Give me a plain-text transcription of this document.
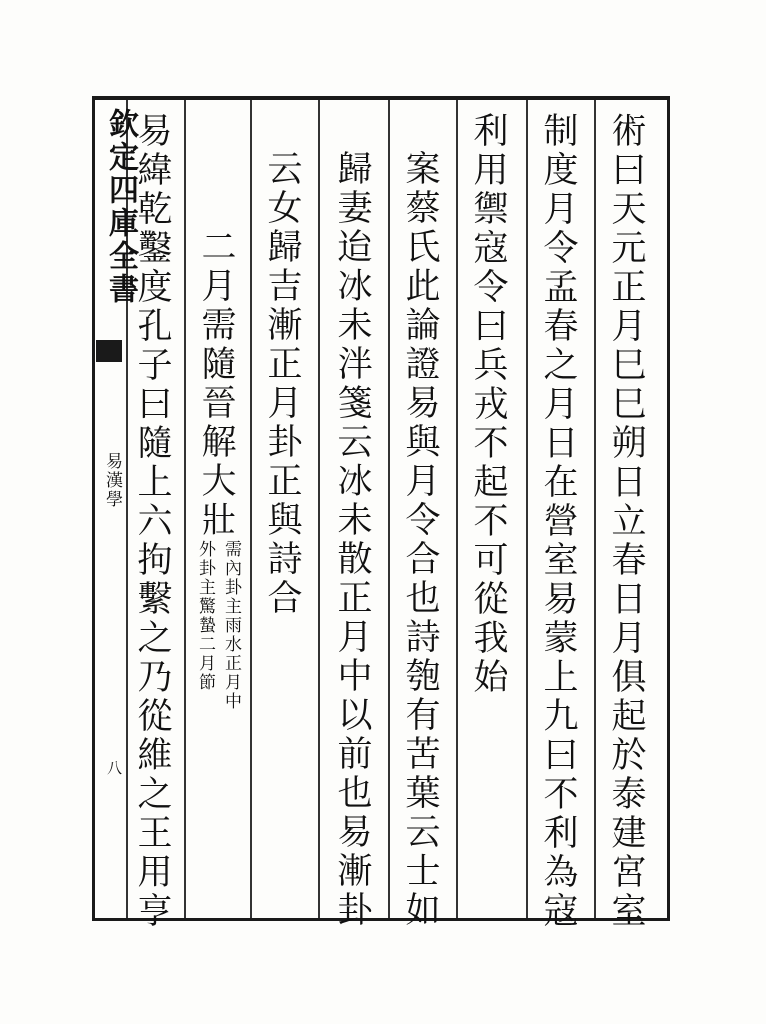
欽定四庫全書
易漢學
八	術曰天元正月巳巳朔日立春日月俱起於泰建宮室
制度月令孟春之月日在營室易蒙上九曰不利為寇
利用禦寇令曰兵戎不起不可從我始
案蔡氏此論證易與月令合也詩匏有苦葉云士如
歸妻迨冰未泮箋云冰未散正月中以前也易漸卦
云女歸吉漸正月卦正與詩合
二月需隨晉解大壯
需內卦主雨水正月中
外卦主驚蟄二月節
易緯乾鑿度孔子曰隨上六拘繫之乃從維之王用亨
